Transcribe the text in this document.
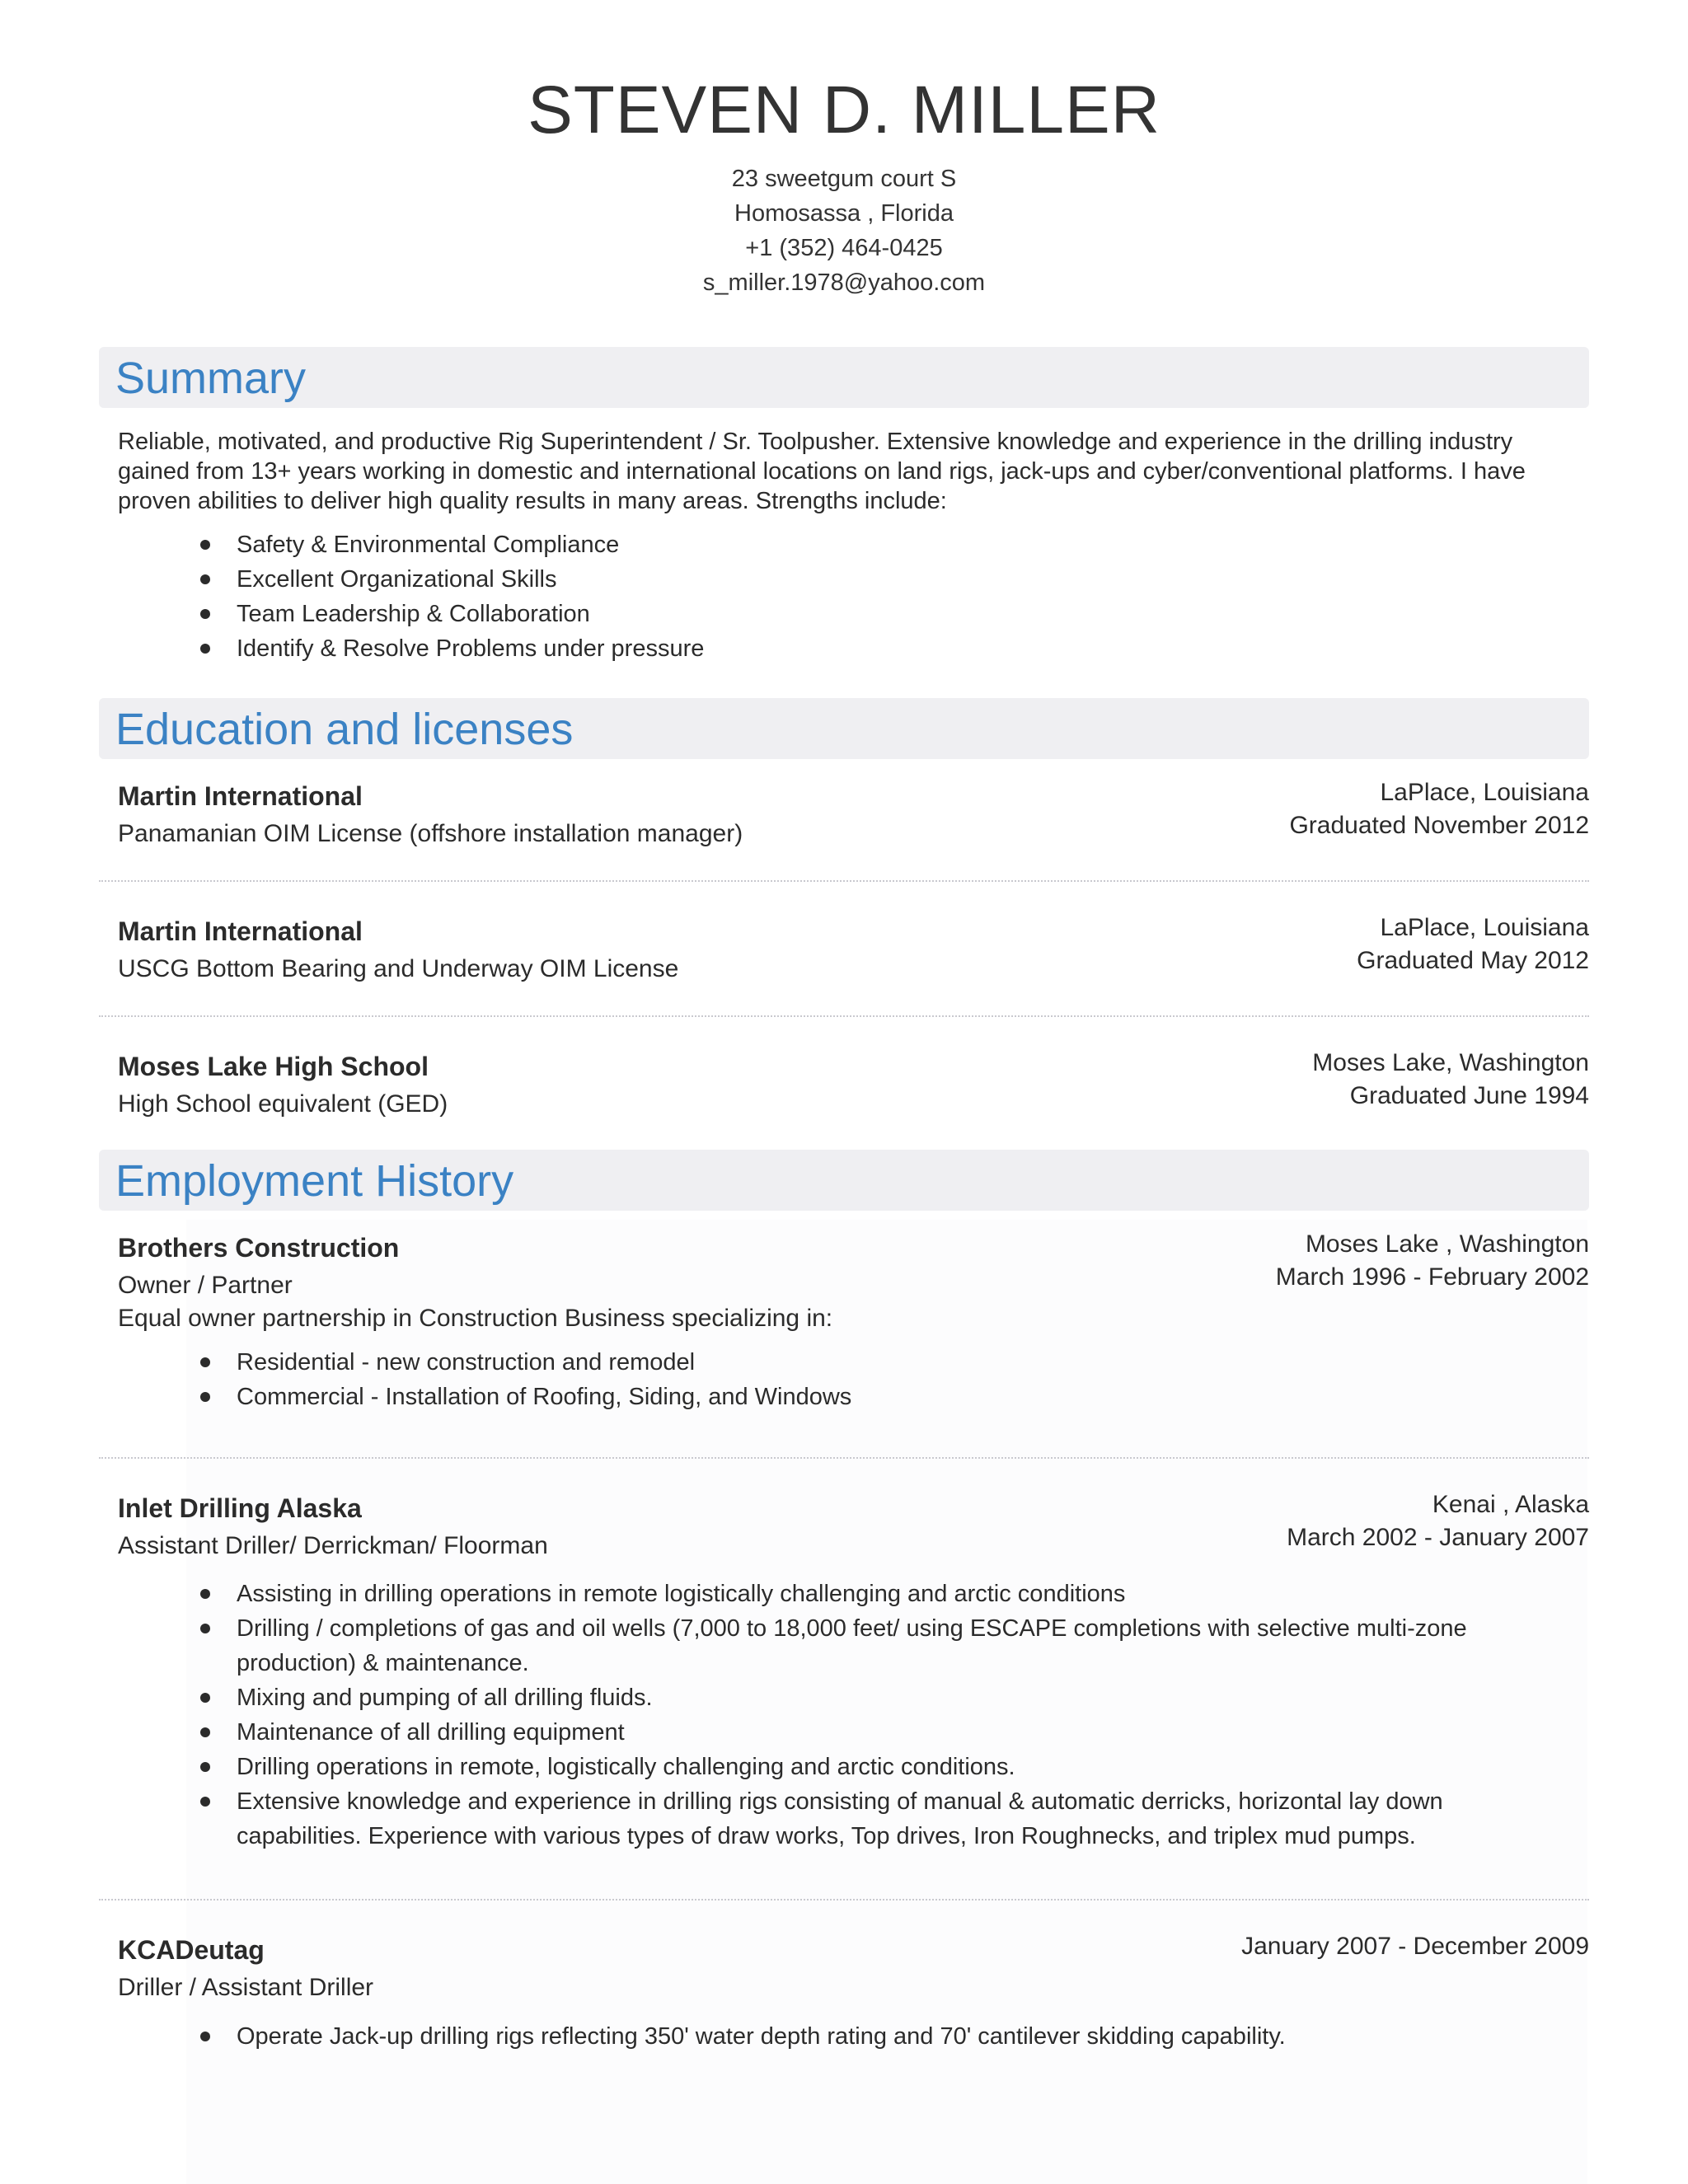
STEVEN D. MILLER
23 sweetgum court S
Homosassa , Florida
+1 (352) 464-0425
s_miller.1978@yahoo.com
Summary
Reliable, motivated, and productive Rig Superintendent / Sr. Toolpusher. Extensive knowledge and experience in the drilling industry gained from 13+ years working in domestic and international locations on land rigs, jack-ups and cyber/conventional platforms. I have proven abilities to deliver high quality results in many areas. Strengths include:
Safety & Environmental Compliance
Excellent Organizational Skills
Team Leadership & Collaboration
Identify & Resolve Problems under pressure
Education and licenses
Martin International
Panamanian OIM License (offshore installation manager)
LaPlace, Louisiana
Graduated November 2012
Martin International
USCG Bottom Bearing and Underway OIM License
LaPlace, Louisiana
Graduated May 2012
Moses Lake High School
High School equivalent (GED)
Moses Lake, Washington
Graduated June 1994
Employment History
Brothers Construction
Owner / Partner
Equal owner partnership in Construction Business specializing in:
Moses Lake , Washington
March 1996 - February 2002
Residential - new construction and remodel
Commercial - Installation of Roofing, Siding, and Windows
Inlet Drilling Alaska
Assistant Driller/ Derrickman/ Floorman
Kenai , Alaska
March 2002 - January 2007
Assisting in drilling operations in remote logistically challenging and arctic conditions
Drilling / completions of gas and oil wells (7,000 to 18,000 feet/ using ESCAPE completions with selective multi-zone production) & maintenance.
Mixing and pumping of all drilling fluids.
Maintenance of all drilling equipment
Drilling operations in remote, logistically challenging and arctic conditions.
Extensive knowledge and experience in drilling rigs consisting of manual & automatic derricks, horizontal lay down capabilities. Experience with various types of draw works, Top drives, Iron Roughnecks, and triplex mud pumps.
KCADeutag
Driller / Assistant Driller
January 2007 - December 2009
Operate Jack-up drilling rigs reflecting 350' water depth rating and 70' cantilever skidding capability.
